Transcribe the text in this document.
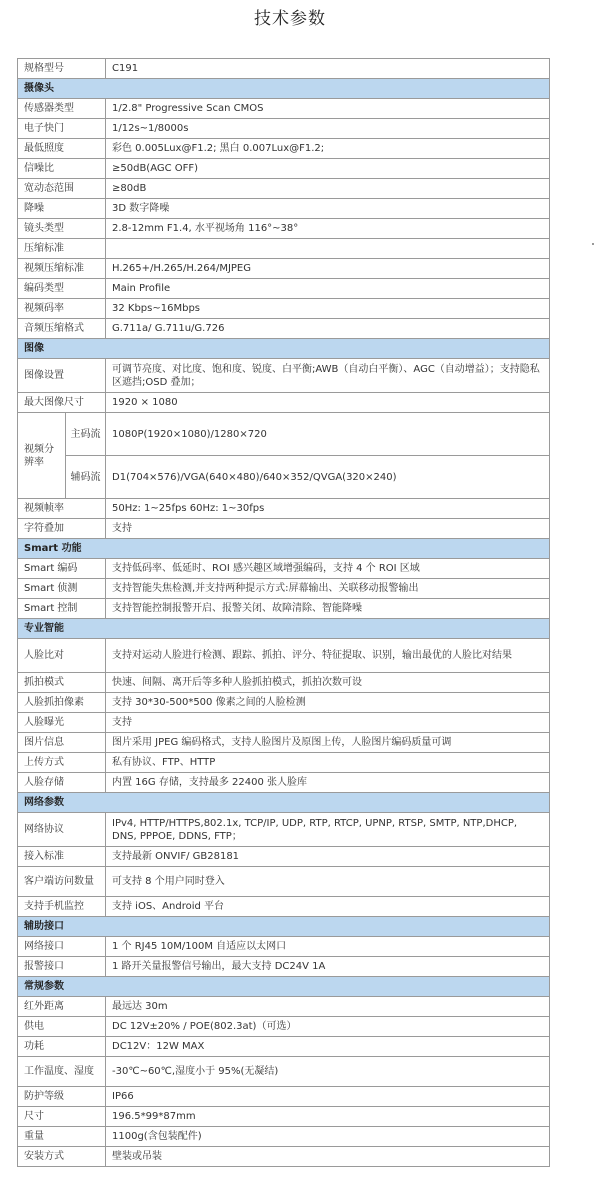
技术参数
规格型号		C191
摄像头		
传感器类型		1/2.8" Progressive Scan CMOS
电子快门		1/12s~1/8000s
最低照度		彩色 0.005Lux@F1.2; 黑白 0.007Lux@F1.2;
信噪比		≥50dB(AGC OFF)
宽动态范围		≥80dB
降噪		3D 数字降噪
镜头类型		2.8-12mm F1.4, 水平视场角 116°~38°
压缩标准		
视频压缩标准		H.265+/H.265/H.264/MJPEG
编码类型		Main Profile
视频码率		32 Kbps~16Mbps
音频压缩格式		G.711a/ G.711u/G.726
图像		
图像设置		可调节亮度、对比度、饱和度、锐度、白平衡;AWB（自动白平衡）、AGC（自动增益）；支持隐私区遮挡;OSD 叠加；
最大图像尺寸		1920 × 1080
视频分辨率	主码流	1080P(1920×1080)/1280×720
	辅码流	D1(704×576)/VGA(640×480)/640×352/QVGA(320×240)
视频帧率		50Hz: 1~25fps 60Hz: 1~30fps
字符叠加		支持
Smart 功能		
Smart 编码		支持低码率、低延时、ROI 感兴趣区域增强编码，支持 4 个 ROI 区域
Smart 侦测		支持智能失焦检测,并支持两种提示方式:屏幕输出、关联移动报警输出
Smart 控制		支持智能控制报警开启、报警关闭、故障清除、智能降噪
专业智能		
人脸比对		支持对运动人脸进行检测、跟踪、抓拍、评分、特征提取、识别，输出最优的人脸比对结果
抓拍模式		快速、间隔、离开后等多种人脸抓拍模式，抓拍次数可设
人脸抓拍像素		支持 30*30-500*500 像素之间的人脸检测
人脸曝光		支持
图片信息		图片采用 JPEG 编码格式，支持人脸图片及原图上传，人脸图片编码质量可调
上传方式		私有协议、FTP、HTTP
人脸存储		内置 16G 存储，支持最多 22400 张人脸库
网络参数		
网络协议		IPv4, HTTP/HTTPS,802.1x, TCP/IP, UDP, RTP, RTCP, UPNP, RTSP, SMTP, NTP,DHCP, DNS, PPPOE, DDNS, FTP；
接入标准		支持最新 ONVIF/ GB28181
客户端访问数量		可支持 8 个用户同时登入
支持手机监控		支持 iOS、Android 平台
辅助接口		
网络接口		1 个 RJ45 10M/100M 自适应以太网口
报警接口		1 路开关量报警信号输出，最大支持 DC24V 1A
常规参数		
红外距离		最远达 30m
供电		DC 12V±20% / POE(802.3at)（可选）
功耗		DC12V：12W MAX
工作温度、湿度		-30℃~60℃,湿度小于 95%(无凝结)
防护等级		IP66
尺寸		196.5*99*87mm
重量		1100g(含包装配件)
安装方式		壁装或吊装
